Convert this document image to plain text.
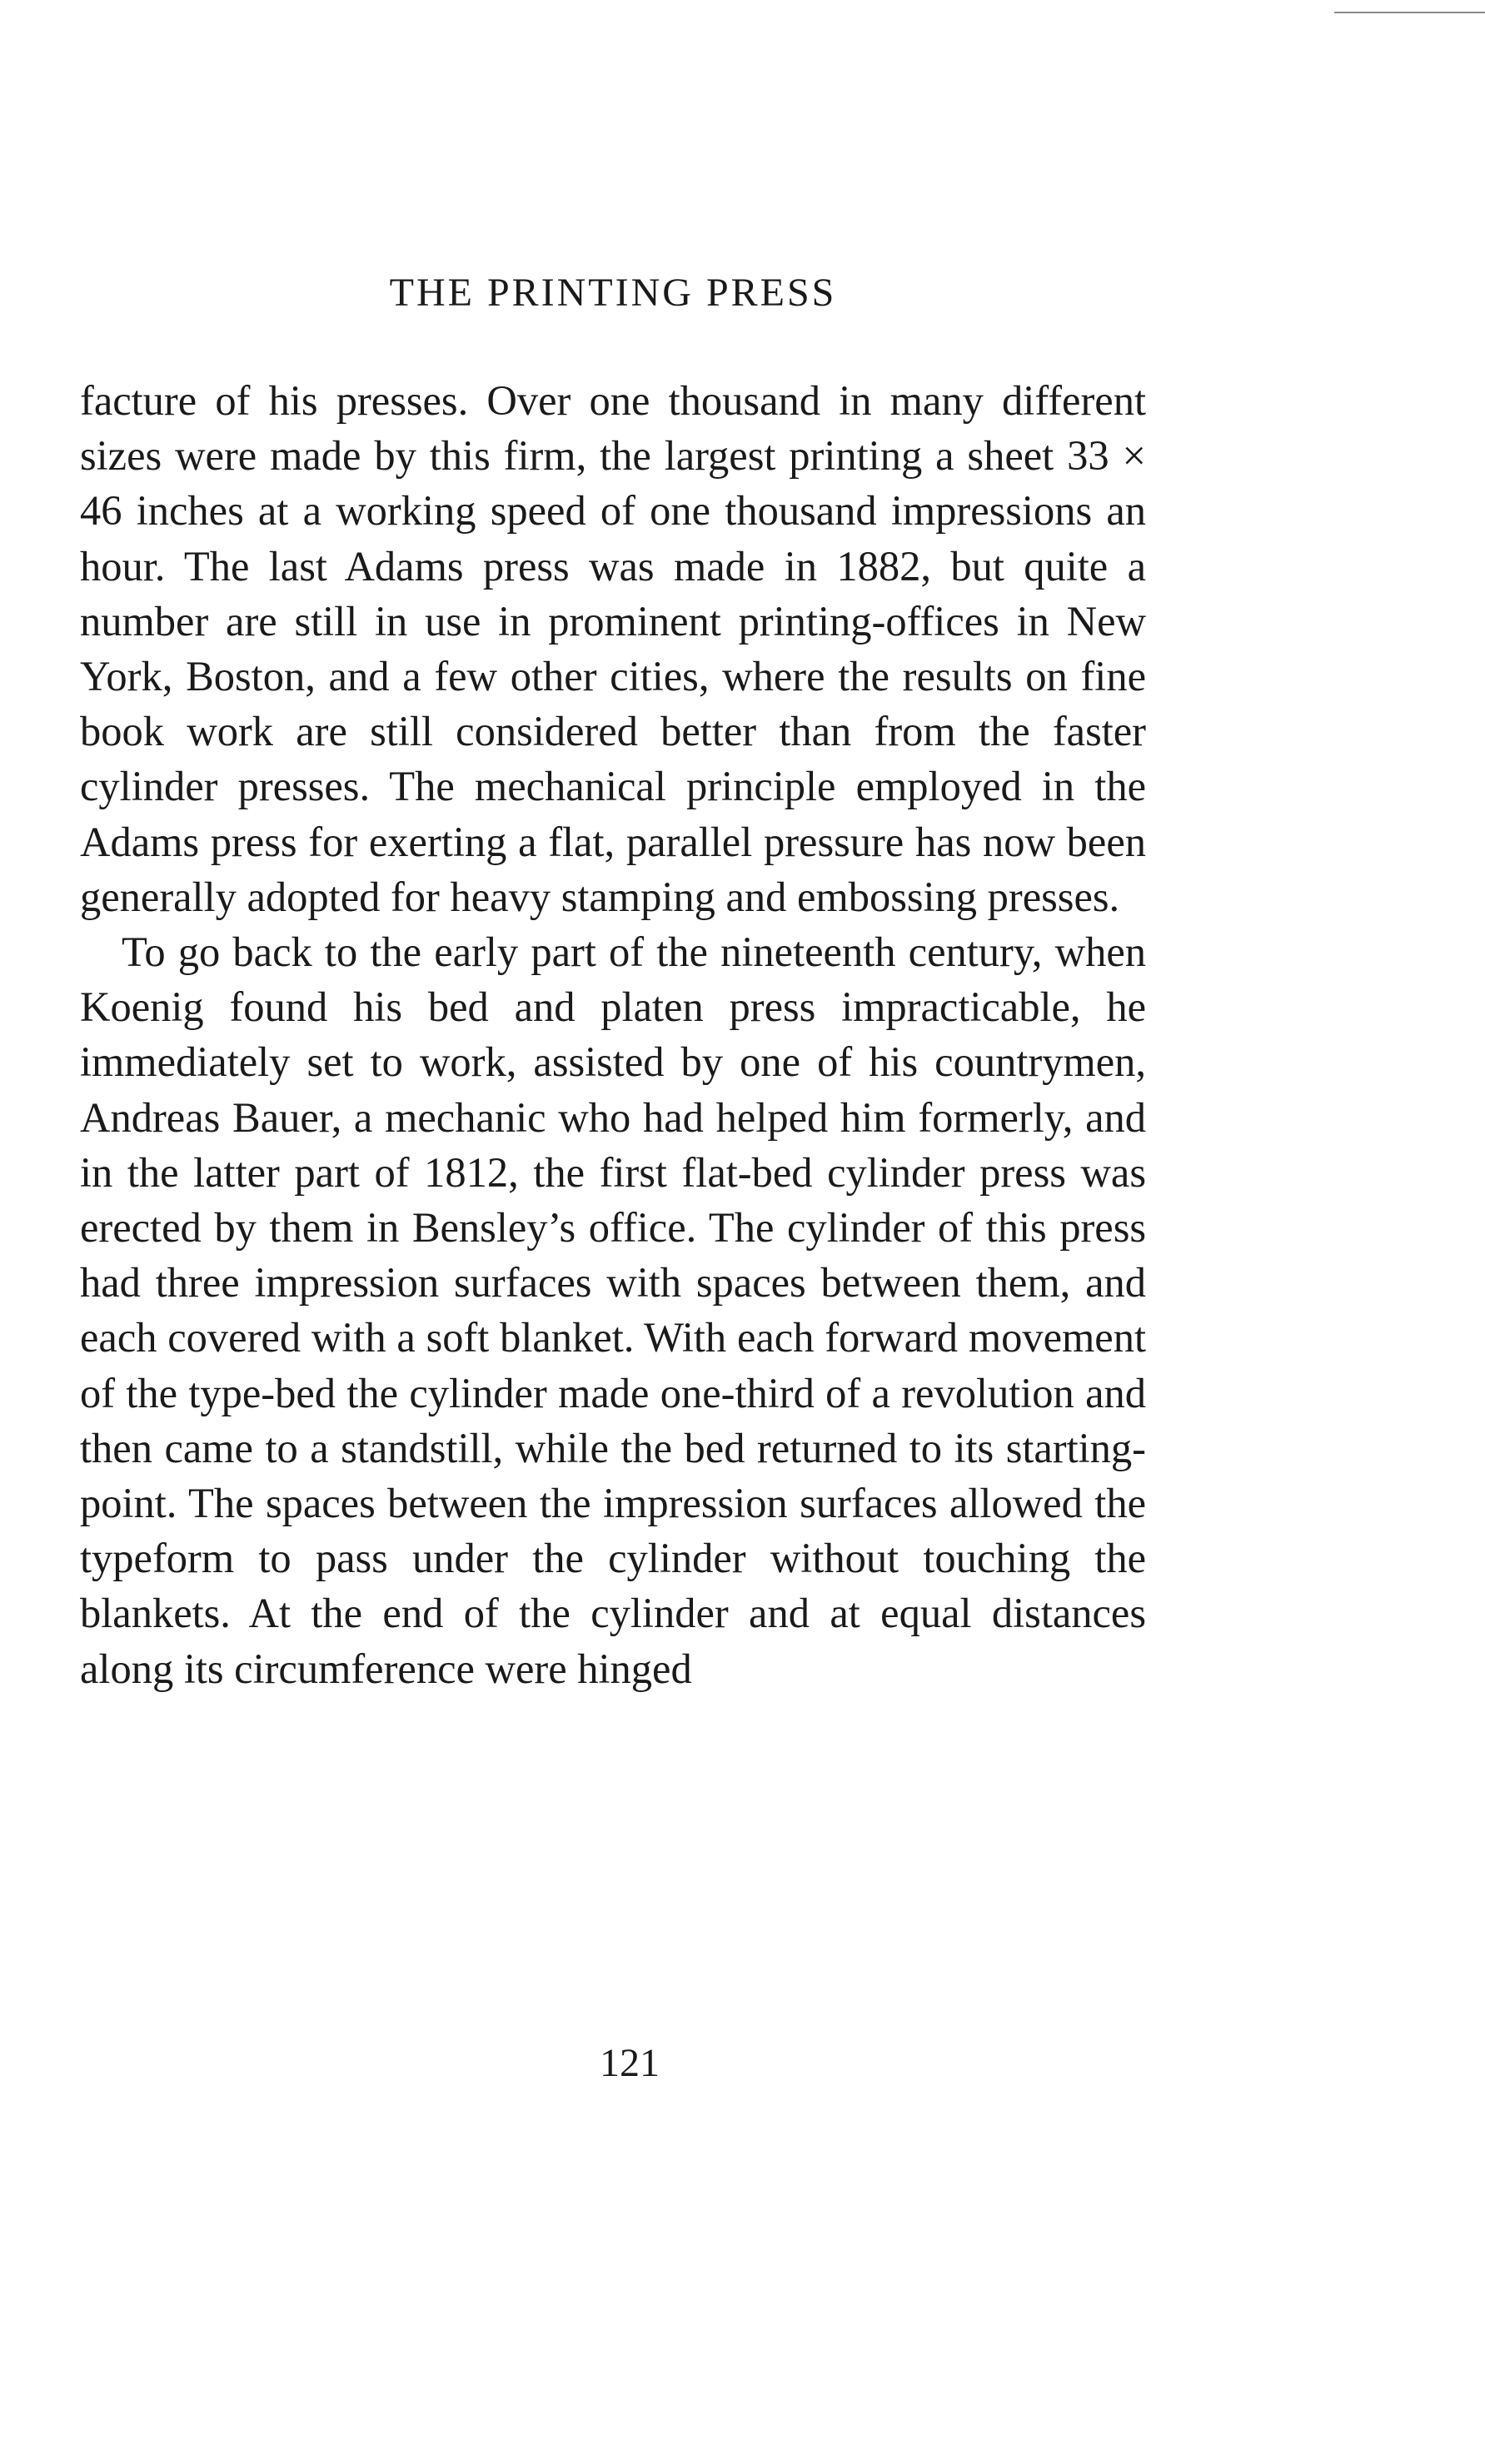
THE PRINTING PRESS

facture of his presses. Over one thousand in many different sizes were made by this firm, the largest printing a sheet 33 × 46 inches at a working speed of one thousand impressions an hour. The last Adams press was made in 1882, but quite a number are still in use in prominent printing-offices in New York, Boston, and a few other cities, where the results on fine book work are still considered better than from the faster cylinder presses. The mechanical principle employed in the Adams press for exerting a flat, parallel pressure has now been generally adopted for heavy stamping and embossing presses.

To go back to the early part of the nineteenth century, when Koenig found his bed and platen press impracticable, he immediately set to work, assisted by one of his countrymen, Andreas Bauer, a mechanic who had helped him formerly, and in the latter part of 1812, the first flat-bed cylinder press was erected by them in Bensley’s office. The cylinder of this press had three impression surfaces with spaces between them, and each covered with a soft blanket. With each forward movement of the type-bed the cylinder made one-third of a revolution and then came to a standstill, while the bed returned to its starting-point. The spaces between the impression surfaces allowed the typeform to pass under the cylinder without touching the blankets. At the end of the cylinder and at equal distances along its circumference were hinged

121
